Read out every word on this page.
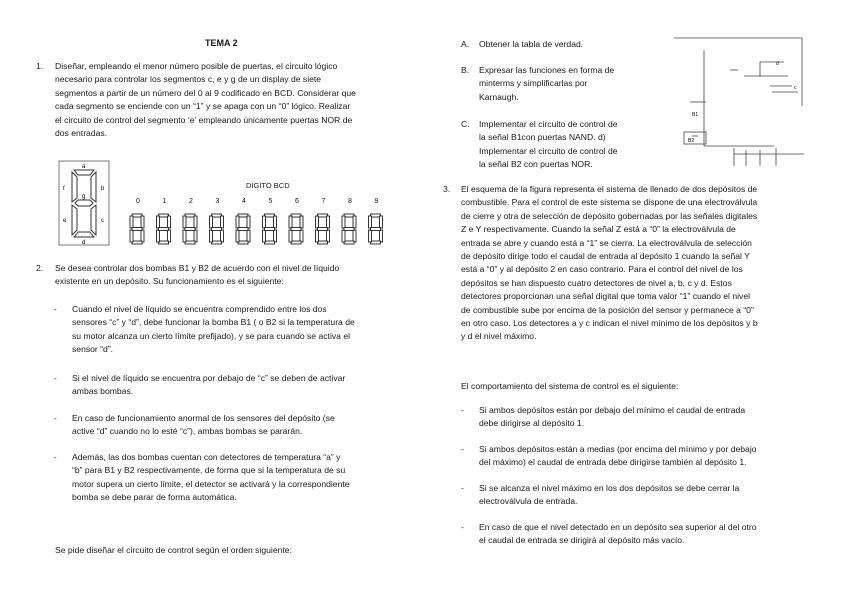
TEMA 2
1. Diseñar, empleando el menor número posible de puertas, el circuito lógico
necesario para controlar los segmentos c, e y g de un display de siete
segmentos a partir de un número del 0 al 9 codificado en BCD. Considerar que
cada segmento se enciende con un “1” y se apaga con un “0” lógico. Realizar
el circuito de control del segmento ‘e’ empleando únicamente puertas NOR de
dos entradas.
a
f	b
g
e	c
d
DIGITO BCD
0	1	2	3	4	5	6	7	8	9
2. Se desea controlar dos bombas B1 y B2 de acuerdo con el nivel de líquido
existente en un depósito. Su funcionamiento es el siguiente:
- Cuando el nivel de líquido se encuentra comprendido entre los dos
sensores “c” y “d”, debe funcionar la bomba B1 ( o B2 si la temperatura de
su motor alcanza un cierto límite prefijado), y se para cuando se activa el
sensor “d”.
- Si el nivel de líquido se encuentra por debajo de “c” se deben de activar
ambas bombas.
- En caso de funcionamiento anormal de los sensores del depósito (se
active “d” cuando no lo esté “c”), ambas bombas se pararán.
- Además, las dos bombas cuentan con detectores de temperatura “a” y
“b” para B1 y B2 respectivamente, de forma que si la temperatura de su
motor supera un cierto límite, el detector se activará y la correspondiente
bomba se debe parar de forma automática.
Se pide diseñar el circuito de control según el orden siguiente:
A. Obtener la tabla de verdad.
B. Expresar las funciones en forma de
minterms y simplificarlas por
Karnaugh.
C. Implementar el circuito de control de
la señal B1con puertas NAND. d)
Implementar el circuito de control de
la señal B2 con puertas NOR.
3. El esquema de la figura representa el sistema de llenado de dos depósitos de
combustible. Para el control de este sistema se dispone de una electroválvula
de cierre y otra de selección de depósito gobernadas por las señales digitales
Z e Y respectivamente. Cuando la señal Z está a “0” la electroválvula de
entrada se abre y cuando está a “1” se cierra. La electroválvula de selección
de depósito dirige todo el caudal de entrada al depósito 1 cuando la señal Y
está a “0” y al depósito 2 en caso contrario. Para el control del nivel de los
depósitos se han dispuesto cuatro detectores de nivel a, b, c y d. Estos
detectores proporcionan una señal digital que toma valor “1” cuando el nivel
de combustible sube por encima de la posición del sensor y permanece a “0”
en otro caso. Los detectores a y c indican el nivel mínimo de los depósitos y b
y d el nivel máximo.
El comportamiento del sistema de control es el siguiente:
- Si ambos depósitos están por debajo del mínimo el caudal de entrada
debe dirigirse al depósito 1.
- Si ambos depósitos están a medias (por encima del mínimo y por debajo
del máximo) el caudal de entrada debe dirigirse también al depósito 1.
- Si se alcanza el nivel máximo en los dos depósitos se debe cerrar la
electroválvula de entrada.
- En caso de que el nivel detectado en un depósito sea superior al del otro
el caudal de entrada se dirigirá al depósito más vacío.
d
c
B1
B2
